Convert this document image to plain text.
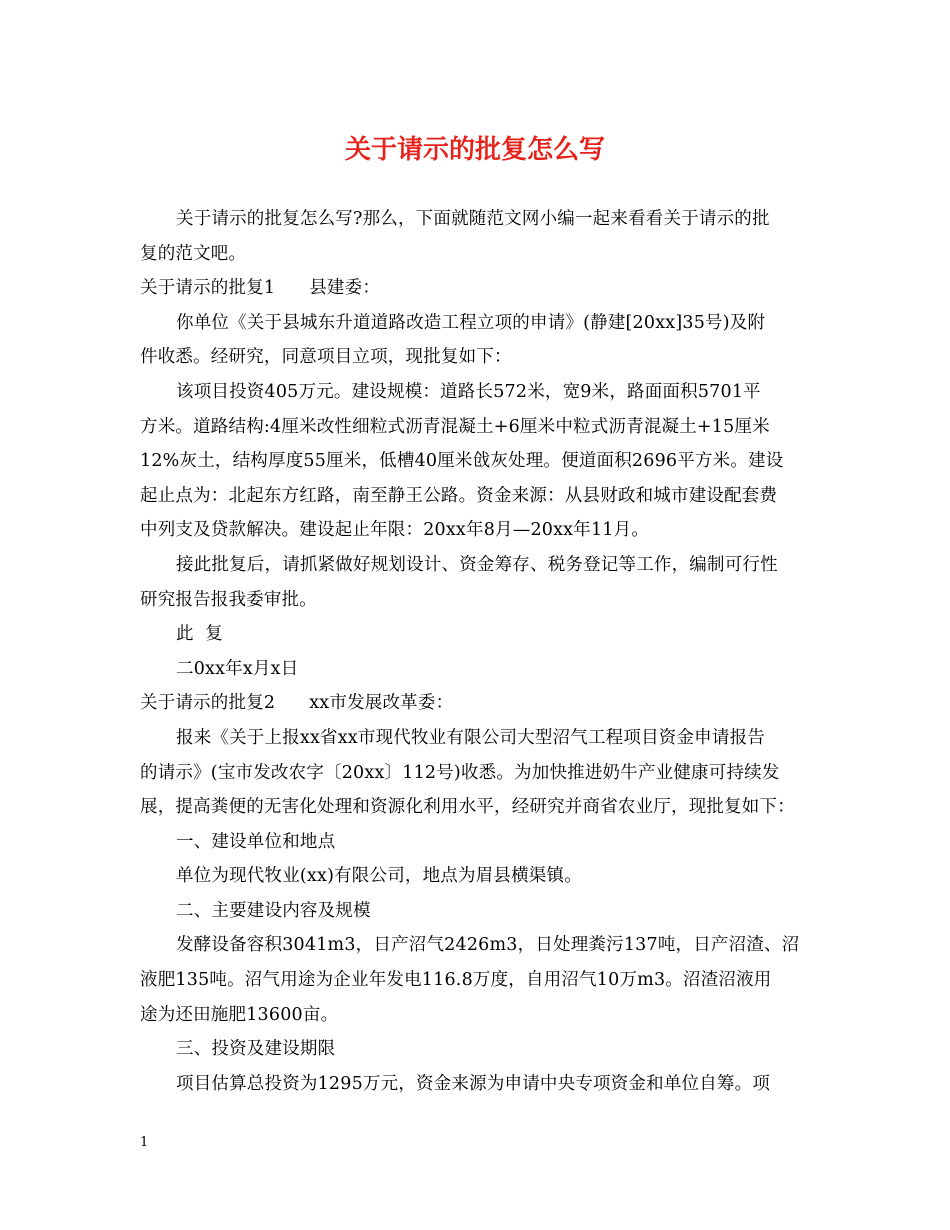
关于请示的批复怎么写

关于请示的批复怎么写?那么，下面就随范文网小编一起来看看关于请示的批

复的范文吧。

关于请示的批复1 县建委：

你单位《关于县城东升道道路改造工程立项的申请》(静建[20xx]35号)及附

件收悉。经研究，同意项目立项，现批复如下：

该项目投资405万元。建设规模：道路长572米，宽9米，路面面积5701平

方米。道路结构:4厘米改性细粒式沥青混凝土+6厘米中粒式沥青混凝土+15厘米

12%灰土，结构厚度55厘米，低槽40厘米戗灰处理。便道面积2696平方米。建设

起止点为：北起东方红路，南至静王公路。资金来源：从县财政和城市建设配套费

中列支及贷款解决。建设起止年限：20xx年8月—20xx年11月。

接此批复后，请抓紧做好规划设计、资金筹存、税务登记等工作，编制可行性

研究报告报我委审批。

此  复

二0xx年x月x日

关于请示的批复2 xx市发展改革委：

报来《关于上报xx省xx市现代牧业有限公司大型沼气工程项目资金申请报告

的请示》(宝市发改农字〔20xx〕112号)收悉。为加快推进奶牛产业健康可持续发

展，提高粪便的无害化处理和资源化利用水平，经研究并商省农业厅，现批复如下：

一、建设单位和地点

单位为现代牧业(xx)有限公司，地点为眉县横渠镇。

二、主要建设内容及规模

发酵设备容积3041m3，日产沼气2426m3，日处理粪污137吨，日产沼渣、沼

液肥135吨。沼气用途为企业年发电116.8万度，自用沼气10万m3。沼渣沼液用

途为还田施肥13600亩。

三、投资及建设期限

项目估算总投资为1295万元，资金来源为申请中央专项资金和单位自筹。项

1
